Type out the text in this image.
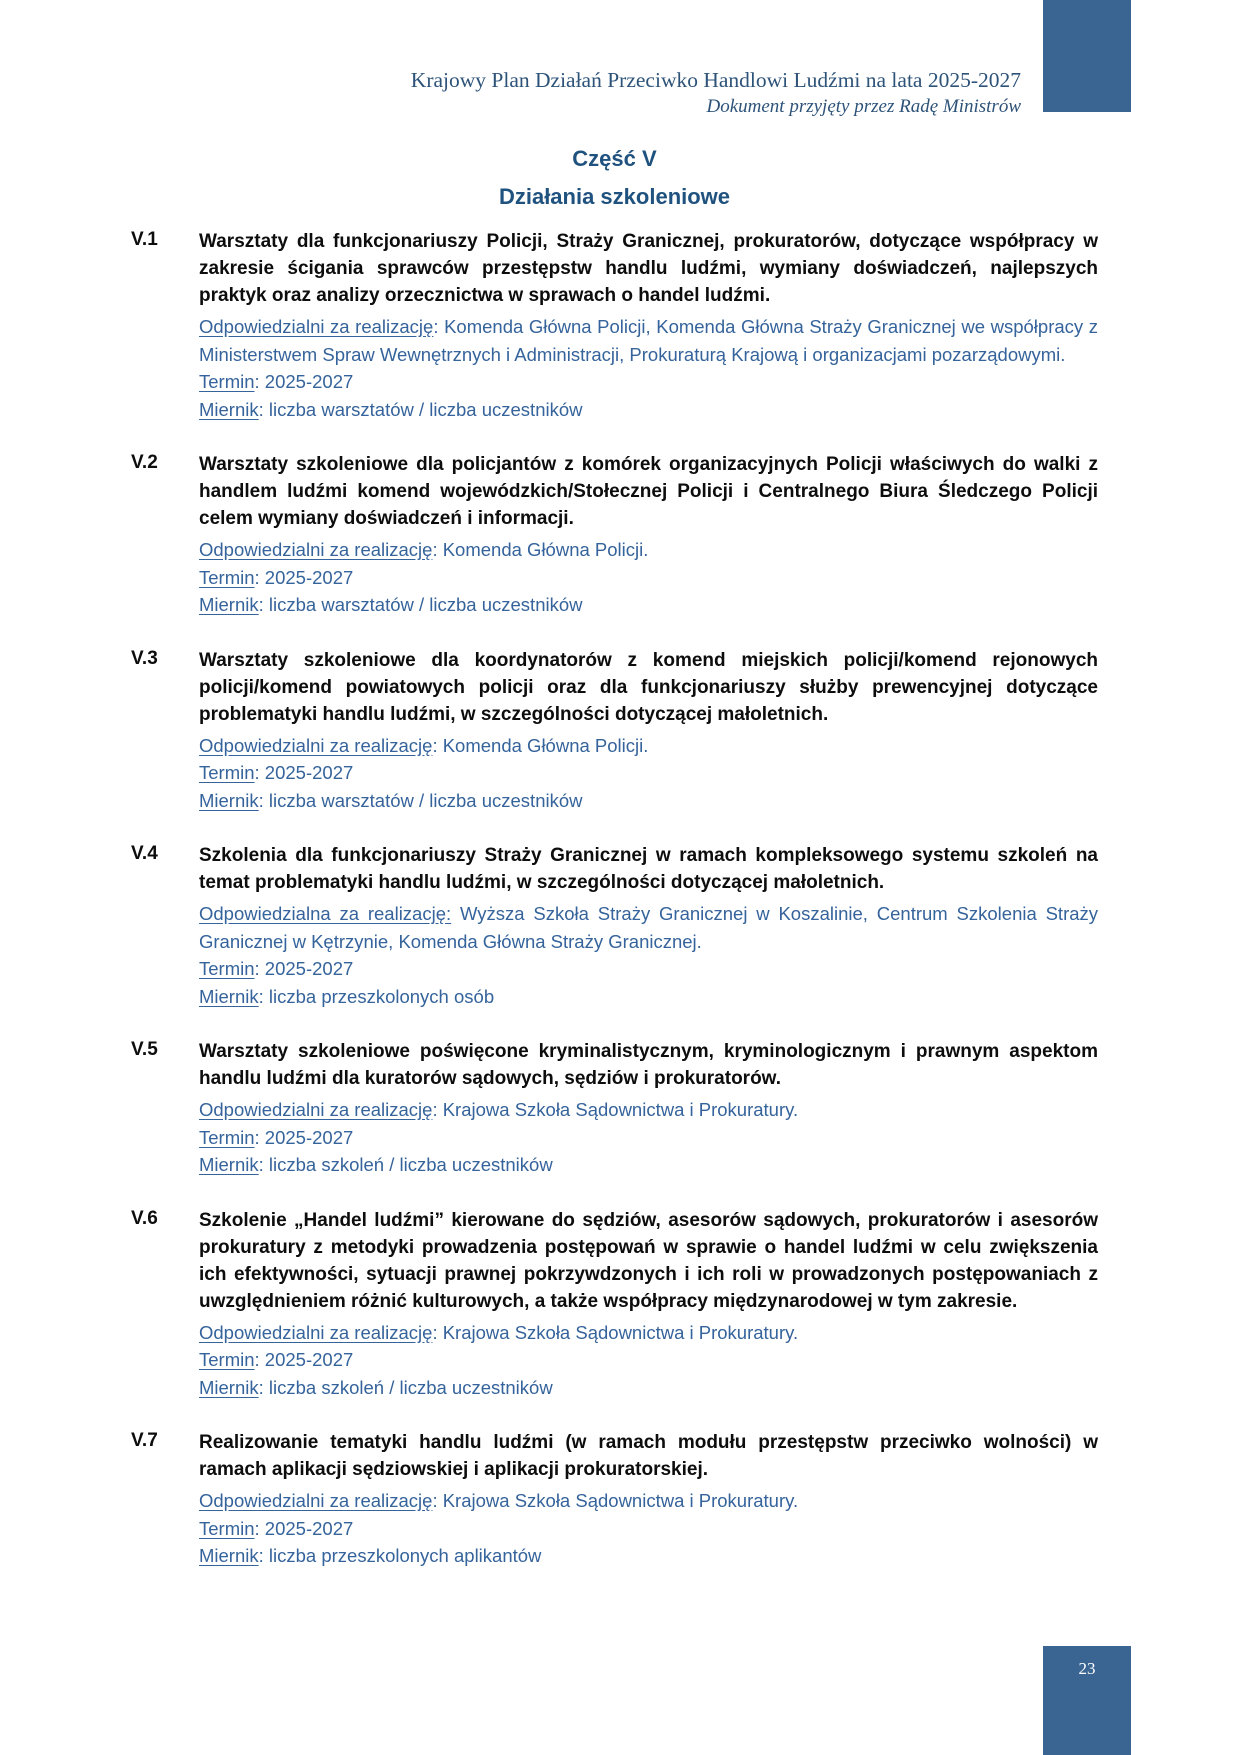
Krajowy Plan Działań Przeciwko Handlowi Ludźmi na lata 2025-2027
Dokument przyjęty przez Radę Ministrów

Część V

Działania szkoleniowe

V.1	Warsztaty dla funkcjonariuszy Policji, Straży Granicznej, prokuratorów, dotyczące współpracy w zakresie ścigania sprawców przestępstw handlu ludźmi, wymiany doświadczeń, najlepszych praktyk oraz analizy orzecznictwa w sprawach o handel ludźmi.

Odpowiedzialni za realizację: Komenda Główna Policji, Komenda Główna Straży Granicznej we współpracy z Ministerstwem Spraw Wewnętrznych i Administracji, Prokuraturą Krajową i organizacjami pozarządowymi.

Termin: 2025-2027

Miernik: liczba warsztatów / liczba uczestników

V.2	Warsztaty szkoleniowe dla policjantów z komórek organizacyjnych Policji właściwych do walki z handlem ludźmi komend wojewódzkich/Stołecznej Policji i Centralnego Biura Śledczego Policji celem wymiany doświadczeń i informacji.

Odpowiedzialni za realizację: Komenda Główna Policji.

Termin: 2025-2027

Miernik: liczba warsztatów / liczba uczestników

V.3	Warsztaty szkoleniowe dla koordynatorów z komend miejskich policji/komend rejonowych policji/komend powiatowych policji oraz dla funkcjonariuszy służby prewencyjnej dotyczące problematyki handlu ludźmi, w szczególności dotyczącej małoletnich.

Odpowiedzialni za realizację: Komenda Główna Policji.

Termin: 2025-2027

Miernik: liczba warsztatów / liczba uczestników

V.4	Szkolenia dla funkcjonariuszy Straży Granicznej w ramach kompleksowego systemu szkoleń na temat problematyki handlu ludźmi, w szczególności dotyczącej małoletnich.

Odpowiedzialna za realizację: Wyższa Szkoła Straży Granicznej w Koszalinie, Centrum Szkolenia Straży Granicznej w Kętrzynie, Komenda Główna Straży Granicznej.

Termin: 2025-2027

Miernik: liczba przeszkolonych osób

V.5	Warsztaty szkoleniowe poświęcone kryminalistycznym, kryminologicznym i prawnym aspektom handlu ludźmi dla kuratorów sądowych, sędziów i prokuratorów.

Odpowiedzialni za realizację: Krajowa Szkoła Sądownictwa i Prokuratury.

Termin: 2025-2027

Miernik: liczba szkoleń / liczba uczestników

V.6	Szkolenie „Handel ludźmi” kierowane do sędziów, asesorów sądowych, prokuratorów i asesorów prokuratury z metodyki prowadzenia postępowań w sprawie o handel ludźmi w celu zwiększenia ich efektywności, sytuacji prawnej pokrzywdzonych i ich roli w prowadzonych postępowaniach z uwzględnieniem różnić kulturowych, a także współpracy międzynarodowej w tym zakresie.

Odpowiedzialni za realizację: Krajowa Szkoła Sądownictwa i Prokuratury.

Termin: 2025-2027

Miernik: liczba szkoleń / liczba uczestników

V.7	Realizowanie tematyki handlu ludźmi (w ramach modułu przestępstw przeciwko wolności) w ramach aplikacji sędziowskiej i aplikacji prokuratorskiej.

Odpowiedzialni za realizację: Krajowa Szkoła Sądownictwa i Prokuratury.

Termin: 2025-2027

Miernik: liczba przeszkolonych aplikantów

23
